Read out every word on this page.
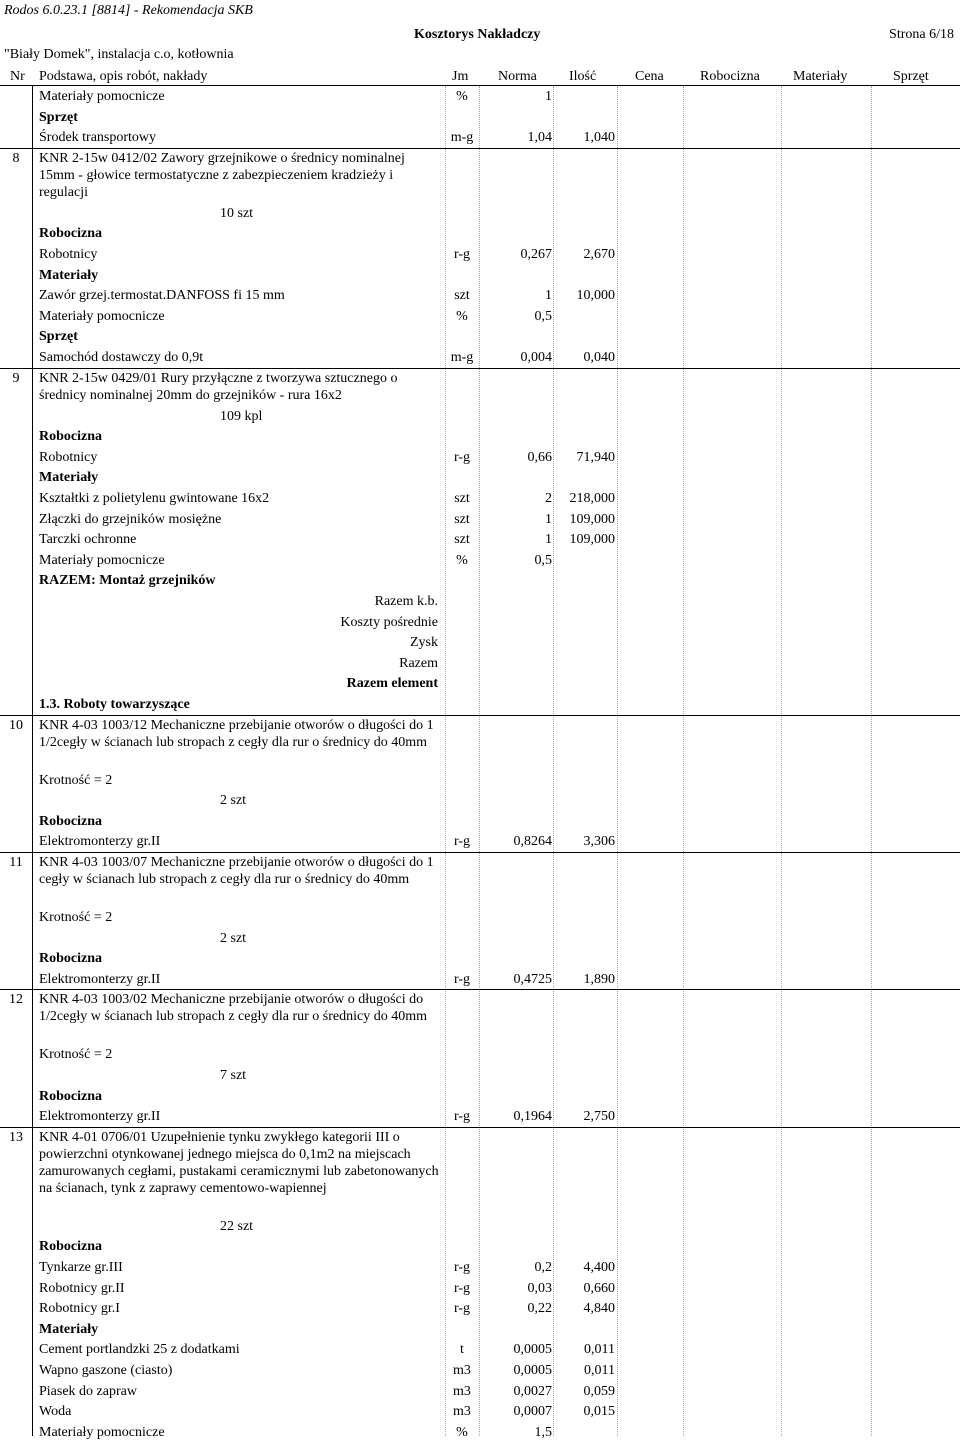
Rodos 6.0.23.1 [8814] - Rekomendacja SKB
Kosztorys Nakładczy	Strona 6/18
"Biały Domek", instalacja c.o, kotłownia
Nr Podstawa, opis robót, nakłady	Jm Norma Ilość	Cena	Robocizna Materiały	Sprzęt
Materiały pomocnicze	%	1
Sprzęt
Środek transportowy	m-g	1,04	1,040
8	KNR 2-15w 0412/02 Zawory grzejnikowe o średnicy nominalnej 15mm - głowice termostatyczne z zabezpieczeniem kradzieży i regulacji
10 szt
Robocizna
Robotnicy	r-g	0,267	2,670
Materiały
Zawór grzej.termostat.DANFOSS fi 15 mm	szt	1	10,000
Materiały pomocnicze	%	0,5
Sprzęt
Samochód dostawczy do 0,9t	m-g	0,004	0,040
9	KNR 2-15w 0429/01 Rury przyłączne z tworzywa sztucznego o średnicy nominalnej 20mm do grzejników - rura 16x2
109 kpl
Robocizna
Robotnicy	r-g	0,66	71,940
Materiały
Kształtki z polietylenu gwintowane 16x2	szt	2	218,000
Złączki do grzejników mosiężne	szt	1	109,000
Tarczki ochronne	szt	1	109,000
Materiały pomocnicze	%	0,5
RAZEM: Montaż grzejników
Razem k.b.
Koszty pośrednie
Zysk
Razem
Razem element
1.3. Roboty towarzyszące
10	KNR 4-03 1003/12 Mechaniczne przebijanie otworów o długości do 1 1/2cegły w ścianach lub stropach z cegły dla rur o średnicy do 40mm
Krotność = 2
2 szt
Robocizna
Elektromonterzy gr.II	r-g	0,8264	3,306
11	KNR 4-03 1003/07 Mechaniczne przebijanie otworów o długości do 1 cegły w ścianach lub stropach z cegły dla rur o średnicy do 40mm
Krotność = 2
2 szt
Robocizna
Elektromonterzy gr.II	r-g	0,4725	1,890
12	KNR 4-03 1003/02 Mechaniczne przebijanie otworów o długości do 1/2cegły w ścianach lub stropach z cegły dla rur o średnicy do 40mm
Krotność = 2
7 szt
Robocizna
Elektromonterzy gr.II	r-g	0,1964	2,750
13	KNR 4-01 0706/01 Uzupełnienie tynku zwykłego kategorii III o powierzchni otynkowanej jednego miejsca do 0,1m2 na miejscach zamurowanych cegłami, pustakami ceramicznymi lub zabetonowanych na ścianach, tynk z zaprawy cementowo-wapiennej
22 szt
Robocizna
Tynkarze gr.III	r-g	0,2	4,400
Robotnicy gr.II	r-g	0,03	0,660
Robotnicy gr.I	r-g	0,22	4,840
Materiały
Cement portlandzki 25 z dodatkami	t	0,0005	0,011
Wapno gaszone (ciasto)	m3	0,0005	0,011
Piasek do zapraw	m3	0,0027	0,059
Woda	m3	0,0007	0,015
Materiały pomocnicze	%	1,5
